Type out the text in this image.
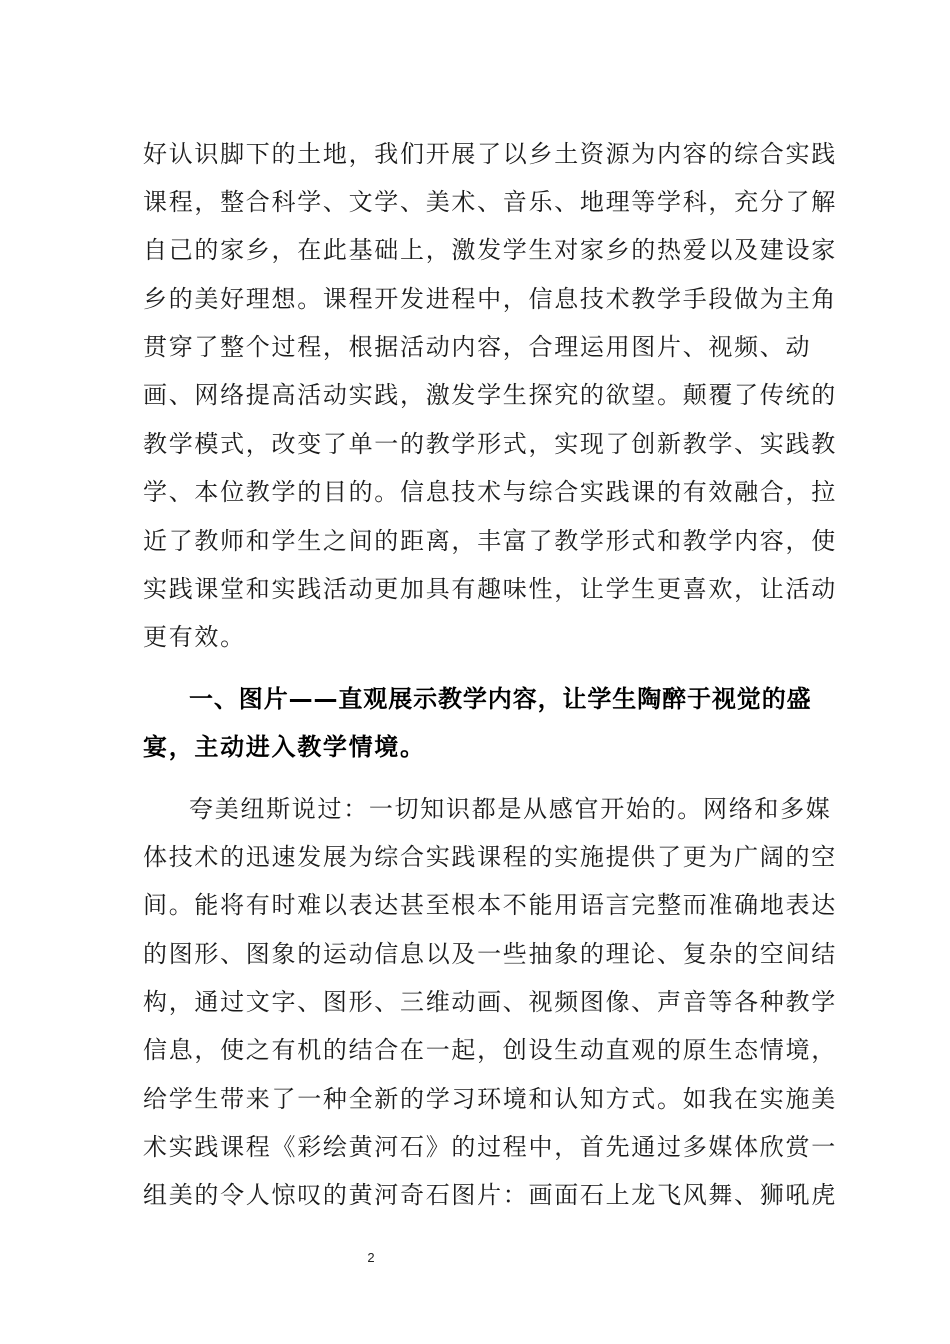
好认识脚下的土地，我们开展了以乡土资源为内容的综合实践
课程，整合科学、文学、美术、音乐、地理等学科，充分了解
自己的家乡，在此基础上，激发学生对家乡的热爱以及建设家
乡的美好理想。课程开发进程中，信息技术教学手段做为主角
贯穿了整个过程，根据活动内容，合理运用图片、视频、动
画、网络提高活动实践，激发学生探究的欲望。颠覆了传统的
教学模式，改变了单一的教学形式，实现了创新教学、实践教
学、本位教学的目的。信息技术与综合实践课的有效融合，拉
近了教师和学生之间的距离，丰富了教学形式和教学内容，使
实践课堂和实践活动更加具有趣味性，让学生更喜欢，让活动
更有效。
一、图片——直观展示教学内容，让学生陶醉于视觉的盛
宴，主动进入教学情境。
夸美纽斯说过：一切知识都是从感官开始的。网络和多媒
体技术的迅速发展为综合实践课程的实施提供了更为广阔的空
间。能将有时难以表达甚至根本不能用语言完整而准确地表达
的图形、图象的运动信息以及一些抽象的理论、复杂的空间结
构，通过文字、图形、三维动画、视频图像、声音等各种教学
信息，使之有机的结合在一起，创设生动直观的原生态情境，
给学生带来了一种全新的学习环境和认知方式。如我在实施美
术实践课程《彩绘黄河石》的过程中，首先通过多媒体欣赏一
组美的令人惊叹的黄河奇石图片：画面石上龙飞风舞、狮吼虎
2
